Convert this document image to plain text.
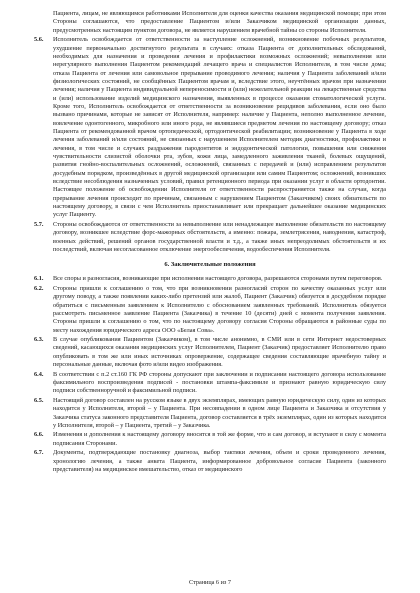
Пациента, лицам, не являющимся работниками Исполнителя для оценки качества оказания медицинской помощи; при этом Стороны соглашаются, что предоставление Пациентом и/или Заказчиком медицинской организации данных, предусмотренных настоящим пунктом договора, не является нарушением врачебной тайны со стороны Исполнителя.
5.6.	Исполнитель освобождается от ответственности за наступление осложнений, возникновение побочных результатов, ухудшение первоначально достигнутого результата в случаях: отказа Пациента от дополнительных обследований, необходимых для назначения и проведения лечения и профилактики возможных осложнений; невыполнения или нерегулярного выполнения Пациентом рекомендаций лечащего врача и специалистов Исполнителя, в том числе дома; отказа Пациента от лечения или самовольное прерывание проводимого лечения; наличия у Пациента заболеваний и/или физиологических состояний, не сообщённых Пациентом врачам и, вследствие этого, неучтённых врачом при назначении лечения; наличия у Пациента индивидуальной непереносимости и (или) нежелательной реакции на лекарственные средства и (или) использование изделий медицинского назначения, выявленных в процессе оказания стоматологической услуги. Кроме того, Исполнитель освобождается от ответственности за возникновение рецидивов заболевания, если оно было вызвано причинами, которые не зависят от Исполнителя, например: наличие у Пациента, неполно выполненное лечение, вовлечение одонтогенного, микробного или иного рода, не являвшиеся предметом лечения по настоящему договору; отказ Пациента от рекомендованной врачом ортопедической, ортодонтической реабилитации; возникновение у Пациента в ходе лечения заболеваний и/или состояний, не связанных с нарушением Исполнителем методик диагностики, профилактики и лечения, в том числе и случаях раздражения пародонтитов и эндодонтической патологии, повышения или снижения чувствительности слизистой оболочки рта, зубов, кожи лица, замедленного заживления тканей, болевых ощущений, развития гнойно-воспалительных осложнений, осложнений, связанных с передачей и (или) исправлением результатов досудебным порядком, произведённых в другой медицинской организации или самим Пациентом; осложнений, возникших вследствие несоблюдения назначенных условий, правил ретенционного периода при оказании услуг в области ортодонтии. Настоящее положение об освобождении Исполнителя от ответственности распространяется также на случаи, когда прерывание лечения происходит по причинам, связанным с нарушением Пациентом (Заказчиком) своих обязательств по настоящему договору, в связи с чем Исполнитель приостанавливает или прекращает дальнейшее оказание медицинских услуг Пациенту.
5.7.	Стороны освобождаются от ответственности за невыполнение или ненадлежащее выполнение обязательств по настоящему договору, возникшее вследствие форс-мажорных обстоятельств, а именно: пожара, землетрясения, наводнения, катастроф, военных действий, решений органов государственной власти и т.д., а также иных непреодолимых обстоятельств и их последствий, включая несогласованное отключение энергообеспечения, водообеспечения Исполнителя.
6. Заключительные положения
6.1.	Все споры и разногласия, возникающие при исполнении настоящего договора, разрешаются сторонами путем переговоров.
6.2.	Стороны пришли к соглашению о том, что при возникновении разногласий сторон по качеству оказанных услуг или другому поводу, а также появлении каких-либо претензий или жалоб, Пациент (Заказчик) обязуется в досудебном порядке обратиться с письменным заявлением к Исполнителю с обоснованием заявленных требований. Исполнитель обязуется рассмотреть письменное заявление Пациента (Заказчика) в течение 10 (десяти) дней с момента получения заявления. Стороны пришли к соглашению о том, что по настоящему договору согласия Стороны обращаются в районные суды по месту нахождения юридического адреса ООО «Белая Сова».
6.3.	В случае опубликования Пациентом (Заказчиком), в том числе анонимно, в СМИ или в сети Интернет недостоверных сведений, касающихся оказания медицинских услуг Исполнителем, Пациент (Заказчик) предоставляет Исполнителю право опубликовать в том же или иных источниках опровержение, содержащее сведения составляющие врачебную тайну и персональные данные, включая фото и/или видео изображения.
6.4.	В соответствии с п.2 ст.160 ГК РФ стороны допускают при заключении и подписании настоящего договора использование факсимильного воспроизведения подписей - постановки штампа-факсимиле и признают равную юридическую силу подписи собственноручной и факсимильной подписи.
6.5.	Настоящий договор составлен на русском языке в двух экземплярах, имеющих равную юридическую силу, один из которых находится у Исполнителя, второй – у Пациента. При несовпадении в одном лице Пациента и Заказчика и отсутствия у Заказчика статуса законного представителя Пациента, договор составляется в трёх экземплярах, один из которых находится у Исполнителя, второй – у Пациента, третий – у Заказчика.
6.6.	Изменения и дополнения к настоящему договору вносятся в той же форме, что и сам договор, и вступают в силу с момента подписания Сторонами.
6.7.	Документы, подтверждающие постановку диагноза, выбор тактики лечения, объем и сроки проведенного лечения, хронологию лечения, а также анкета Пациента, информированное добровольное согласие Пациента (законного представителя) на медицинское вмешательство, отказ от медицинского
Страница 6 из 7
